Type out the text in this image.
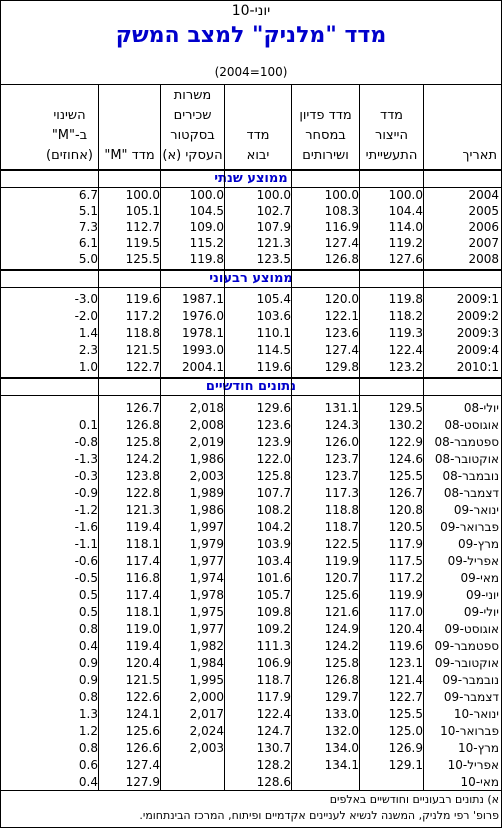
יוני-10
מדד "מלניק" למצב המשק
(2004=100)

תאריך
מדד
הייצור
התעשייתי
מדד פדיון
במסחר
ושירותים

מדד
יבוא
משרות
שכירים
בסקטור
העסקי (א)

מדד "M"
השינוי
ב-"M"
(אחוזים)
ממוצע שנתי
2004
100.0
100.0
100.0
100.0
100.0
6.7
2005
104.4
108.3
102.7
104.5
105.1
5.1
2006
114.0
116.9
107.9
109.0
112.7
7.3
2007
119.2
127.4
121.3
115.2
119.5
6.1
2008
127.6
126.8
123.5
119.8
125.5
5.0
ממוצע רבעוני
2009:1
119.8
120.0
105.4
1987.1
119.6
-3.0
2009:2
118.2
122.1
103.6
1976.0
117.2
-2.0
2009:3
119.3
123.6
110.1
1978.1
118.8
1.4
2009:4
122.4
127.4
114.5
1993.0
121.5
2.3
2010:1
123.2
129.8
119.6
2004.1
122.7
1.0
נתונים חודשיים
יולי-08
129.5
131.1
129.6
2,018
126.7
אוגוסט-08
130.2
124.3
123.6
2,008
126.8
0.1
ספטמבר-08
122.9
126.0
123.9
2,019
125.8
-0.8
אוקטובר-08
124.6
123.7
122.0
1,986
124.2
-1.3
נובמבר-08
125.5
123.7
125.8
2,003
123.8
-0.3
דצמבר-08
126.7
117.3
107.7
1,989
122.8
-0.9
ינואר-09
120.8
118.8
108.2
1,986
121.3
-1.2
פברואר-09
120.5
118.7
104.2
1,997
119.4
-1.6
מרץ-09
117.9
122.5
103.9
1,979
118.1
-1.1
אפריל-09
117.5
119.9
103.4
1,977
117.4
-0.6
מאי-09
117.2
120.7
101.6
1,974
116.8
-0.5
יוני-09
119.9
125.6
105.7
1,978
117.4
0.5
יולי-09
117.0
121.6
109.8
1,975
118.1
0.5
אוגוסט-09
120.4
124.9
109.2
1,977
119.0
0.8
ספטמבר-09
119.6
124.2
111.3
1,982
119.4
0.4
אוקטובר-09
123.1
125.8
106.9
1,984
120.4
0.9
נובמבר-09
121.4
126.8
118.7
1,995
121.5
0.9
דצמבר-09
122.7
129.7
117.9
2,000
122.6
0.8
ינואר-10
125.5
133.0
122.4
2,017
124.1
1.3
פברואר-10
125.0
132.0
124.7
2,024
125.6
1.2
מרץ-10
126.9
134.0
130.7
2,003
126.6
0.8
אפריל-10
129.1
134.1
128.2
127.4
0.6
מאי-10
128.6
127.9
0.4
א) נתונים רבעוניים וחודשיים באלפים
פרופ' רפי מלניק, המשנה לנשיא לעניינים אקדמיים ופיתוח, המרכז הבינתחומי.
